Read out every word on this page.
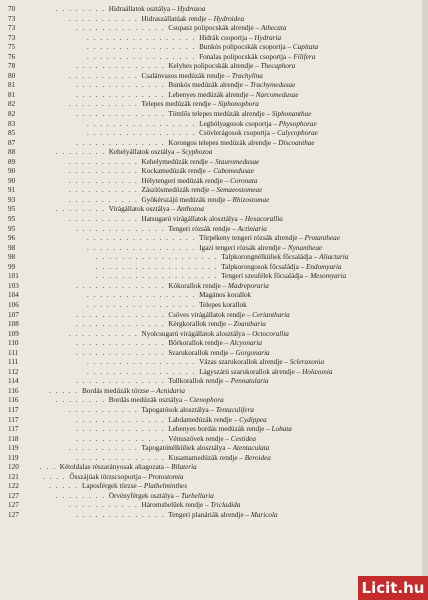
70	. . . . . . . . Hidraállatok osztálya – Hydrozoa
73	. . . . . . . . . . . Hidraszállatúak rendje – Hydroidea
73	. . . . . . . . . . . . . . Csupasz polipocskák alrendje – Athecata
73	. . . . . . . . . . . . . . . . . Hidrák csoportja – Hydraria
75	. . . . . . . . . . . . . . . . . Bunkós polipocskák csoportja – Capitata
76	. . . . . . . . . . . . . . . . . Fonalas polipocskák csoportja – Filifera
78	. . . . . . . . . . . . . . Kelyhes polipocskák alrendje – Thecaphora
80	. . . . . . . . . . . Csalánvasos medúzák rendje – Trachylina
81	. . . . . . . . . . . . . . Bunkós medúzák alrendje – Trachymedusae
81	. . . . . . . . . . . . . . Lebenyes medúzák alrendje – Narcomedusae
82	. . . . . . . . . . . Telepes medúzák rendje – Siphonophora
82	. . . . . . . . . . . . . . Tömlős telepes medúzák alrendje – Siphonanthae
83	. . . . . . . . . . . . . . . . . Leghólyagosok csoportja – Physophorae
85	. . . . . . . . . . . . . . . . . Csövlerágosok csoportja – Calycophorae
87	. . . . . . . . . . . . . . Korongos telepes medúzák alrendje – Discoanthae
88	. . . . . . . . Kehelyállatok osztálya – Scyphozoa
89	. . . . . . . . . . . Kehelymedúzák rendje – Stauromedusae
90	. . . . . . . . . . . Kockamedúzák rendje – Cubomedusae
90	. . . . . . . . . . . Hélytengeri medúzák rendje – Coronata
91	. . . . . . . . . . . Zászlósmedúzák rendje – Semaeostomeae
93	. . . . . . . . . . . Gyökérszájú medúzák rendje – Rhizostomae
95	. . . . . . . . Virágállatok osztálya – Anthozoa
95	. . . . . . . . . . . Hatsugarú virágállatok alosztálya – Hexacorallia
95	. . . . . . . . . . . . . . Tengeri rózsák rendje – Actiniaria
96	. . . . . . . . . . . . . . . . . Törpékeny tengeri rózsák alrendje – Protantheae
98	. . . . . . . . . . . . . . . . . Igazi tengeri rózsák alrendje – Nynantheae
98	. . . . . . . . . . . . . . . . . . . Talpkorongnélküliek főcsaládja – Aliactaria
99	. . . . . . . . . . . . . . . . . . . Talpkorongosok főcsaládja – Endomyaria
101	. . . . . . . . . . . . . . . . . . . Tengeri szeufélek főcsaládja – Mesomyaria
103	. . . . . . . . . . . . . . Kókorallok rendje – Madreporaria
104	. . . . . . . . . . . . . . . . . Magános korallok
106	. . . . . . . . . . . . . . . . . Telepes korallok
107	. . . . . . . . . . . . . . Csöves virágállatok rendje – Ceriantharia
108	. . . . . . . . . . . . . . Kérgkorallok rendje – Zoantharia
109	. . . . . . . . . . . Nyolcsugarú virágállatok alosztálya – Octocorallia
110	. . . . . . . . . . . . . . Bőrkorallok rendje – Alcyonaria
111	. . . . . . . . . . . . . . Szarukorallok rendje – Gorgonaria
111	. . . . . . . . . . . . . . . . . Vázas szarukorallok alrendje – Scleraxonia
112	. . . . . . . . . . . . . . . . . Lágyszárú szarukorallok alrendje – Holaxonia
114	. . . . . . . . . . . . . . Tollkorallok rendje – Pennatularia
116	. . . . . Bordás medúzák törzse – Acnidaria
116	. . . . . . . . Bordás medúzák osztálya – Ctenophora
117	. . . . . . . . . . . Tapogatósok alosztálya – Tentaculifera
117	. . . . . . . . . . . . . . Labdamedúzák rendje – Cydippea
117	. . . . . . . . . . . . . . Lebenyes bordás medúzák rendje – Lobata
118	. . . . . . . . . . . . . . Vénuszövek rendje – Cestidea
119	. . . . . . . . . . . Tapogatónélküliek alosztálya – Atentaculata
119	. . . . . . . . . . . . . . Kusamamedúzák rendje – Beroidea
120	. . . Kétoldalas részarányosak altagozata – Bilateria
121	. . . . Ősszájúak törzscsoportja – Protostomia
122	. . . . . Laposférgek törzse – Plathelminthes
127	. . . . . . . . Örvényférgek osztálya – Turbellaria
127	. . . . . . . . . . . Háromsbelűek rendje – Tricladida
127	. . . . . . . . . . . . . . Tengeri planáriák alrendje – Maricola
Licit.hu
